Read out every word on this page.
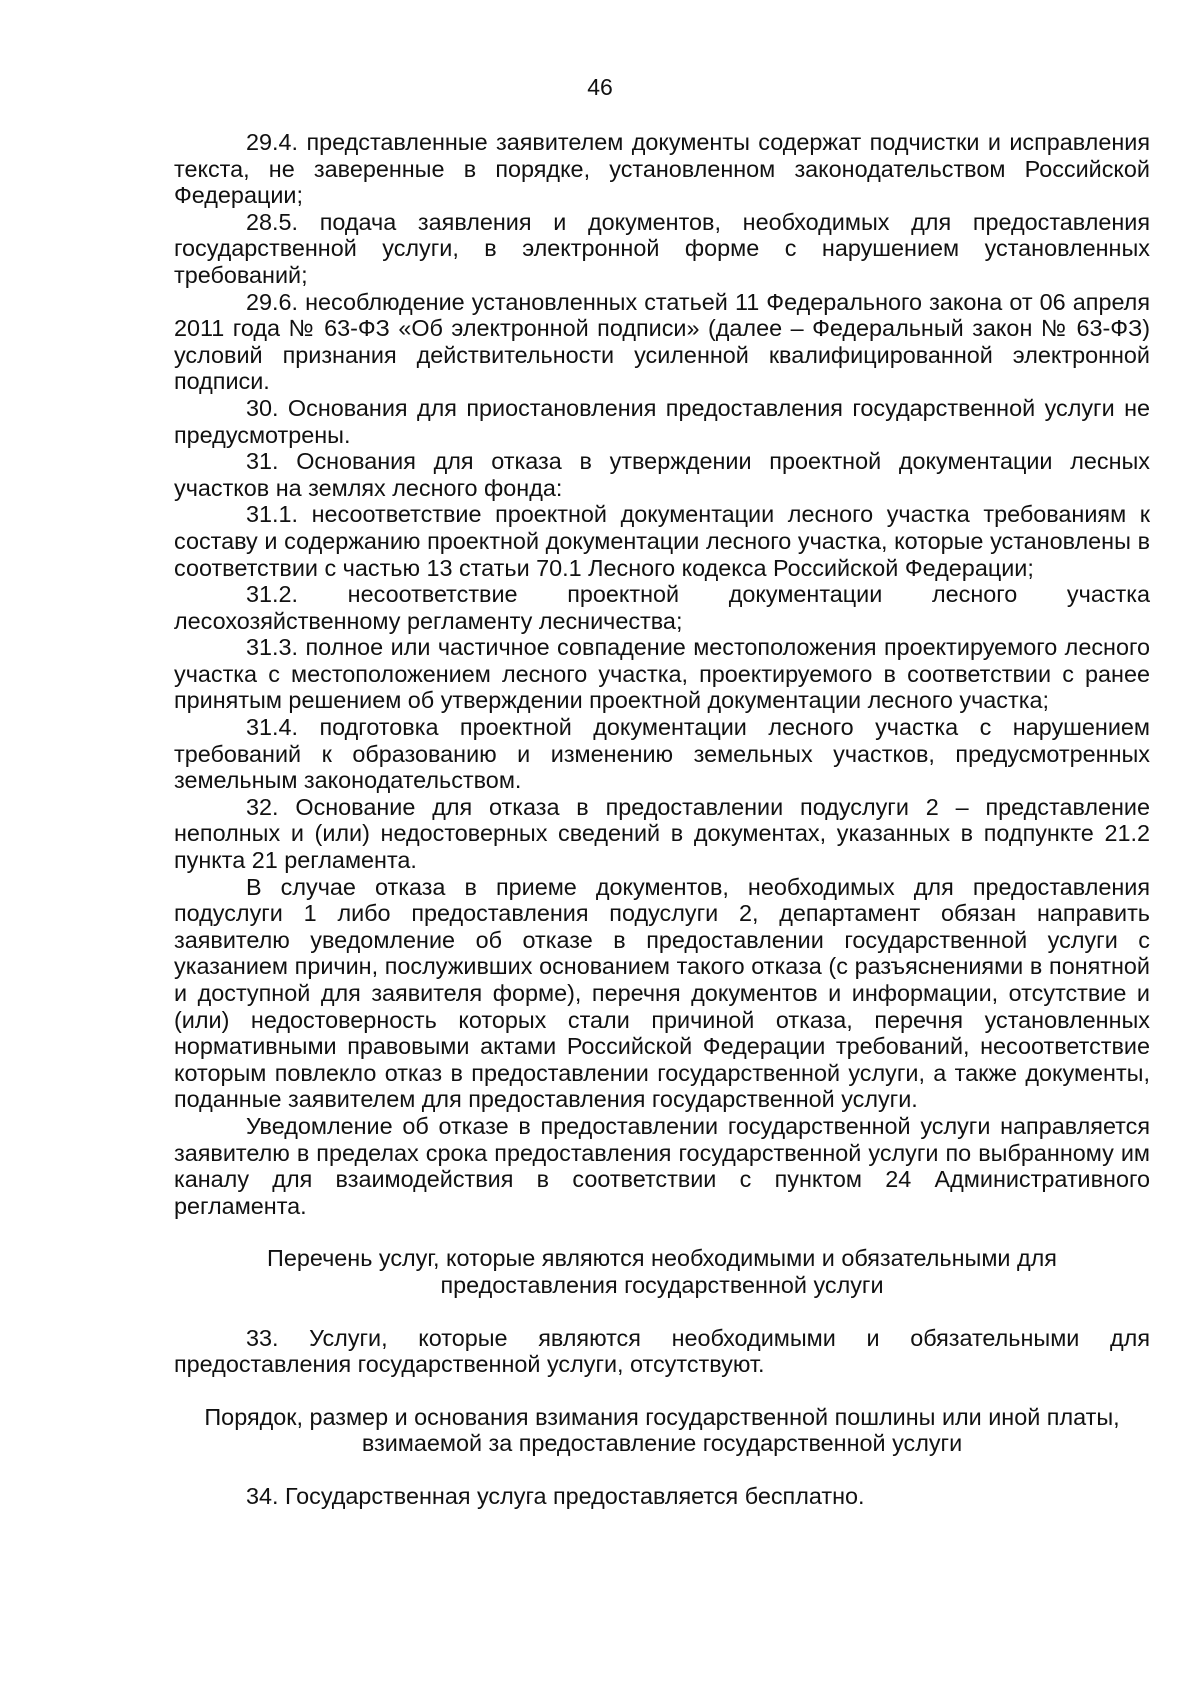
46

29.4. представленные заявителем документы содержат подчистки и исправления текста, не заверенные в порядке, установленном законодательством Российской Федерации;

28.5. подача заявления и документов, необходимых для предоставления государственной услуги, в электронной форме с нарушением установленных требований;

29.6. несоблюдение установленных статьей 11 Федерального закона от 06 апреля 2011 года № 63-ФЗ «Об электронной подписи» (далее – Федеральный закон № 63-ФЗ) условий признания действительности усиленной квалифицированной электронной подписи.

30. Основания для приостановления предоставления государственной услуги не предусмотрены.

31. Основания для отказа в утверждении проектной документации лесных участков на землях лесного фонда:

31.1. несоответствие проектной документации лесного участка требованиям к составу и содержанию проектной документации лесного участка, которые установлены в соответствии с частью 13 статьи 70.1 Лесного кодекса Российской Федерации;

31.2. несоответствие проектной документации лесного участка лесохозяйственному регламенту лесничества;

31.3. полное или частичное совпадение местоположения проектируемого лесного участка с местоположением лесного участка, проектируемого в соответствии с ранее принятым решением об утверждении проектной документации лесного участка;

31.4. подготовка проектной документации лесного участка с нарушением требований к образованию и изменению земельных участков, предусмотренных земельным законодательством.

32. Основание для отказа в предоставлении подуслуги 2 – представление неполных и (или) недостоверных сведений в документах, указанных в подпункте 21.2 пункта 21 регламента.

В случае отказа в приеме документов, необходимых для предоставления подуслуги 1 либо предоставления подуслуги 2, департамент обязан направить заявителю уведомление об отказе в предоставлении государственной услуги с указанием причин, послуживших основанием такого отказа (с разъяснениями в понятной и доступной для заявителя форме), перечня документов и информации, отсутствие и (или) недостоверность которых стали причиной отказа, перечня установленных нормативными правовыми актами Российской Федерации требований, несоответствие которым повлекло отказ в предоставлении государственной услуги, а также документы, поданные заявителем для предоставления государственной услуги.

Уведомление об отказе в предоставлении государственной услуги направляется заявителю в пределах срока предоставления государственной услуги по выбранному им каналу для взаимодействия в соответствии с пунктом 24 Административного регламента.

Перечень услуг, которые являются необходимыми и обязательными для
предоставления государственной услуги

33. Услуги, которые являются необходимыми и обязательными для предоставления государственной услуги, отсутствуют.

Порядок, размер и основания взимания государственной пошлины или иной платы,
взимаемой за предоставление государственной услуги

34. Государственная услуга предоставляется бесплатно.
